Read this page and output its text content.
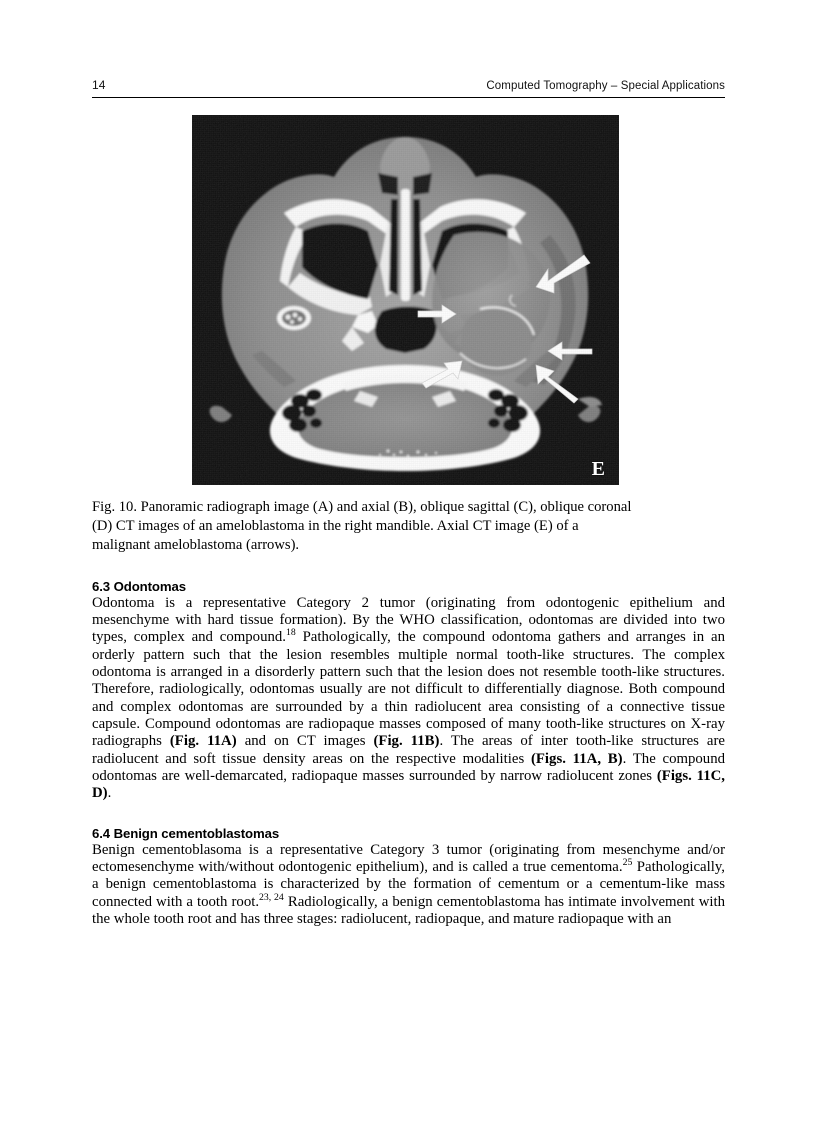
14	Computed Tomography – Special Applications
E

Fig. 10. Panoramic radiograph image (A) and axial (B), oblique sagittal (C), oblique coronal
(D) CT images of an ameloblastoma in the right mandible. Axial CT image (E) of a
malignant ameloblastoma (arrows).

6.3 Odontomas

Odontoma is a representative Category 2 tumor (originating from odontogenic epithelium and mesenchyme with hard tissue formation). By the WHO classification, odontomas are divided into two types, complex and compound.$^{18}$ Pathologically, the compound odontoma gathers and arranges in an orderly pattern such that the lesion resembles multiple normal tooth-like structures. The complex odontoma is arranged in a disorderly pattern such that the lesion does not resemble tooth-like structures. Therefore, radiologically, odontomas usually are not difficult to differentially diagnose. Both compound and complex odontomas are surrounded by a thin radiolucent area consisting of a connective tissue capsule. Compound odontomas are radiopaque masses composed of many tooth-like structures on X-ray radiographs (Fig. 11A) and on CT images (Fig. 11B). The areas of inter tooth-like structures are radiolucent and soft tissue density areas on the respective modalities (Figs. 11A, B). The compound odontomas are well-demarcated, radiopaque masses surrounded by narrow radiolucent zones (Figs. 11C, D).

6.4 Benign cementoblastomas

Benign cementoblasoma is a representative Category 3 tumor (originating from mesenchyme and/or ectomesenchyme with/without odontogenic epithelium), and is called a true cementoma.$^{25}$ Pathologically, a benign cementoblastoma is characterized by the formation of cementum or a cementum-like mass connected with a tooth root.$^{23, 24}$ Radiologically, a benign cementoblastoma has intimate involvement with the whole tooth root and has three stages: radiolucent, radiopaque, and mature radiopaque with an
